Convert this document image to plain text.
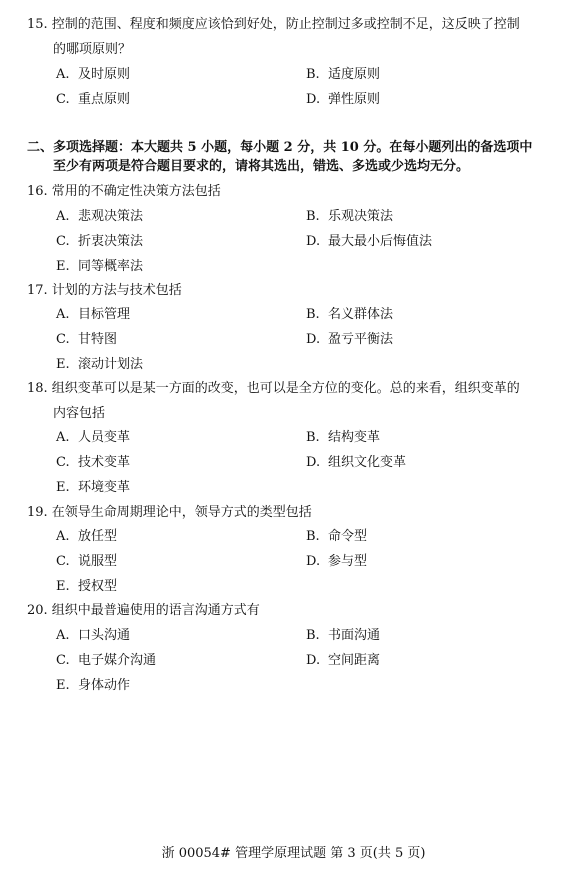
15. 控制的范围、程度和频度应该恰到好处，防止控制过多或控制不足，这反映了控制
的哪项原则？
A. 及时原则	B. 适度原则
C. 重点原则	D. 弹性原则
二、多项选择题：本大题共 5 小题，每小题 2 分，共 10 分。在每小题列出的备选项中
至少有两项是符合题目要求的，请将其选出，错选、多选或少选均无分。
16. 常用的不确定性决策方法包括
A. 悲观决策法	B. 乐观决策法
C. 折衷决策法	D. 最大最小后悔值法
E. 同等概率法
17. 计划的方法与技术包括
A. 目标管理	B. 名义群体法
C. 甘特图	D. 盈亏平衡法
E. 滚动计划法
18. 组织变革可以是某一方面的改变，也可以是全方位的变化。总的来看，组织变革的
内容包括
A. 人员变革	B. 结构变革
C. 技术变革	D. 组织文化变革
E. 环境变革
19. 在领导生命周期理论中，领导方式的类型包括
A. 放任型	B. 命令型
C. 说服型	D. 参与型
E. 授权型
20. 组织中最普遍使用的语言沟通方式有
A. 口头沟通	B. 书面沟通
C. 电子媒介沟通	D. 空间距离
E. 身体动作
浙 00054# 管理学原理试题 第 3 页(共 5 页)
